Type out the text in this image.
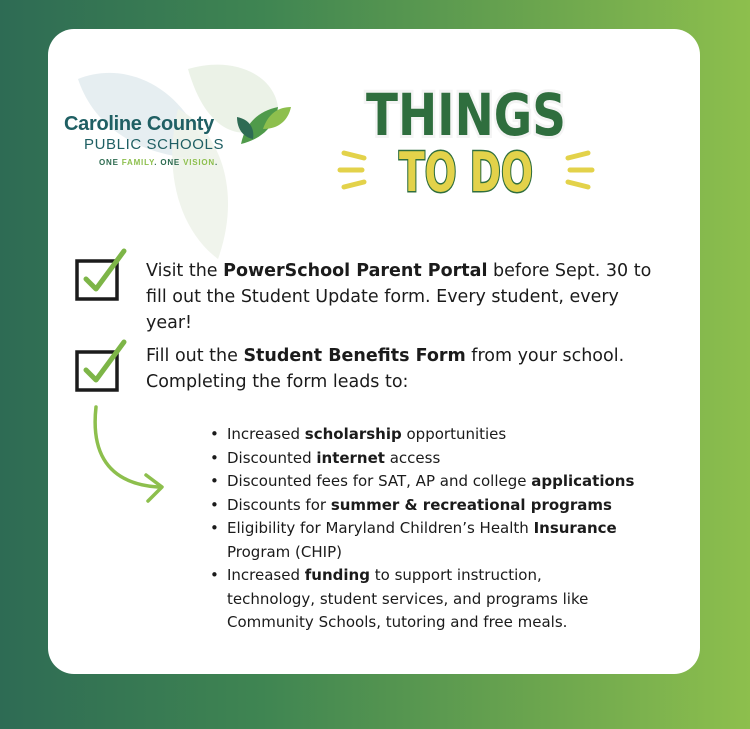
Caroline County
PUBLIC SCHOOLS
ONE FAMILY. ONE VISION.
THINGS
TO DO
Visit the PowerSchool Parent Portal before Sept. 30 to
fill out the Student Update form. Every student, every
year!
Fill out the Student Benefits Form from your school.
Completing the form leads to:
• Increased scholarship opportunities
• Discounted internet access
• Discounted fees for SAT, AP and college applications
• Discounts for summer & recreational programs
• Eligibility for Maryland Children’s Health Insurance
Program (CHIP)
• Increased funding to support instruction,
technology, student services, and programs like
Community Schools, tutoring and free meals.
